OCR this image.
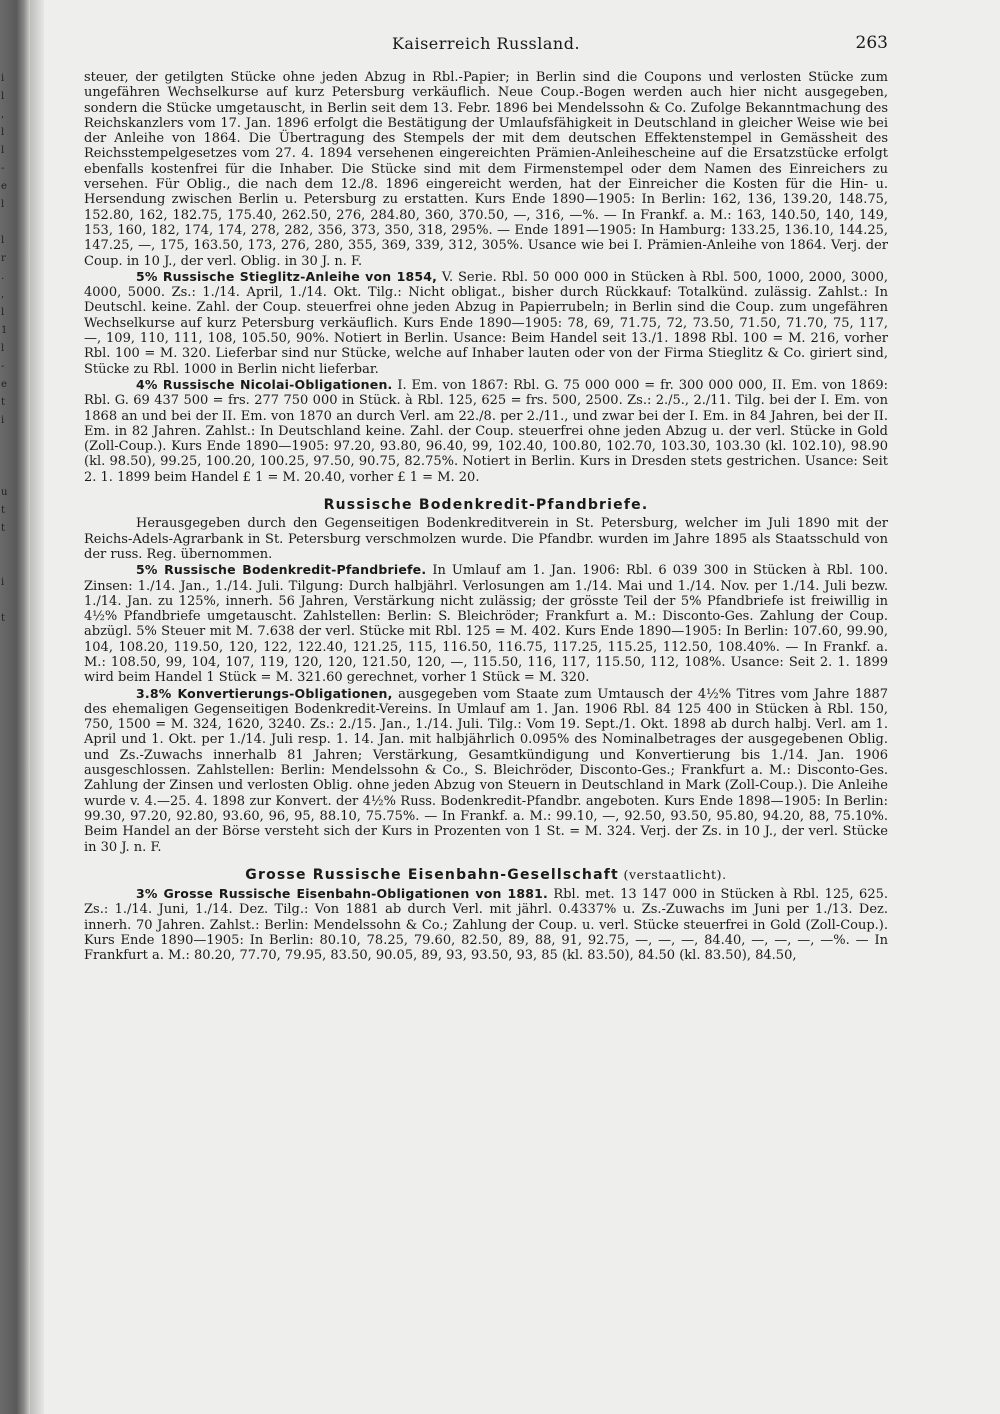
i
l
,
l
l
-
e
l

l
r
.
,
l
1
l
-
e
t
i

u
t
t

i

t
Kaiserreich Russland.	263

steuer, der getilgten Stücke ohne jeden Abzug in Rbl.-Papier; in Berlin sind die Coupons und verlosten Stücke zum ungefähren Wechselkurse auf kurz Petersburg verkäuflich. Neue Coup.-Bogen werden auch hier nicht ausgegeben, sondern die Stücke umgetauscht, in Berlin seit dem 13. Febr. 1896 bei Mendelssohn & Co. Zufolge Bekanntmachung des Reichskanzlers vom 17. Jan. 1896 erfolgt die Bestätigung der Umlaufsfähigkeit in Deutschland in gleicher Weise wie bei der Anleihe von 1864. Die Übertragung des Stempels der mit dem deutschen Effektenstempel in Gemässheit des Reichsstempelgesetzes vom 27. 4. 1894 versehenen eingereichten Prämien-Anleihescheine auf die Ersatzstücke erfolgt ebenfalls kostenfrei für die Inhaber. Die Stücke sind mit dem Firmenstempel oder dem Namen des Einreichers zu versehen. Für Oblig., die nach dem 12./8. 1896 eingereicht werden, hat der Einreicher die Kosten für die Hin- u. Hersendung zwischen Berlin u. Petersburg zu erstatten. Kurs Ende 1890—1905: In Berlin: 162, 136, 139.20, 148.75, 152.80, 162, 182.75, 175.40, 262.50, 276, 284.80, 360, 370.50, —, 316, —%. — In Frankf. a. M.: 163, 140.50, 140, 149, 153, 160, 182, 174, 174, 278, 282, 356, 373, 350, 318, 295%. — Ende 1891—1905: In Hamburg: 133.25, 136.10, 144.25, 147.25, —, 175, 163.50, 173, 276, 280, 355, 369, 339, 312, 305%. Usance wie bei I. Prämien-Anleihe von 1864. Verj. der Coup. in 10 J., der verl. Oblig. in 30 J. n. F.

5% Russische Stieglitz-Anleihe von 1854, V. Serie. Rbl. 50 000 000 in Stücken à Rbl. 500, 1000, 2000, 3000, 4000, 5000. Zs.: 1./14. April, 1./14. Okt. Tilg.: Nicht obligat., bisher durch Rückkauf: Totalkünd. zulässig. Zahlst.: In Deutschl. keine. Zahl. der Coup. steuerfrei ohne jeden Abzug in Papierrubeln; in Berlin sind die Coup. zum ungefähren Wechselkurse auf kurz Petersburg verkäuflich. Kurs Ende 1890—1905: 78, 69, 71.75, 72, 73.50, 71.50, 71.70, 75, 117, —, 109, 110, 111, 108, 105.50, 90%. Notiert in Berlin. Usance: Beim Handel seit 13./1. 1898 Rbl. 100 = M. 216, vorher Rbl. 100 = M. 320. Lieferbar sind nur Stücke, welche auf Inhaber lauten oder von der Firma Stieglitz & Co. giriert sind, Stücke zu Rbl. 1000 in Berlin nicht lieferbar.

4% Russische Nicolai-Obligationen. I. Em. von 1867: Rbl. G. 75 000 000 = fr. 300 000 000, II. Em. von 1869: Rbl. G. 69 437 500 = frs. 277 750 000 in Stück. à Rbl. 125, 625 = frs. 500, 2500. Zs.: 2./5., 2./11. Tilg. bei der I. Em. von 1868 an und bei der II. Em. von 1870 an durch Verl. am 22./8. per 2./11., und zwar bei der I. Em. in 84 Jahren, bei der II. Em. in 82 Jahren. Zahlst.: In Deutschland keine. Zahl. der Coup. steuerfrei ohne jeden Abzug u. der verl. Stücke in Gold (Zoll-Coup.). Kurs Ende 1890—1905: 97.20, 93.80, 96.40, 99, 102.40, 100.80, 102.70, 103.30, 103.30 (kl. 102.10), 98.90 (kl. 98.50), 99.25, 100.20, 100.25, 97.50, 90.75, 82.75%. Notiert in Berlin. Kurs in Dresden stets gestrichen. Usance: Seit 2. 1. 1899 beim Handel £ 1 = M. 20.40, vorher £ 1 = M. 20.

Russische Bodenkredit-Pfandbriefe.

Herausgegeben durch den Gegenseitigen Bodenkreditverein in St. Petersburg, welcher im Juli 1890 mit der Reichs-Adels-Agrarbank in St. Petersburg verschmolzen wurde. Die Pfandbr. wurden im Jahre 1895 als Staatsschuld von der russ. Reg. übernommen.

5% Russische Bodenkredit-Pfandbriefe. In Umlauf am 1. Jan. 1906: Rbl. 6 039 300 in Stücken à Rbl. 100. Zinsen: 1./14. Jan., 1./14. Juli. Tilgung: Durch halbjährl. Verlosungen am 1./14. Mai und 1./14. Nov. per 1./14. Juli bezw. 1./14. Jan. zu 125%, innerh. 56 Jahren, Verstärkung nicht zulässig; der grösste Teil der 5% Pfandbriefe ist freiwillig in 4½% Pfandbriefe umgetauscht. Zahlstellen: Berlin: S. Bleichröder; Frankfurt a. M.: Disconto-Ges. Zahlung der Coup. abzügl. 5% Steuer mit M. 7.638 der verl. Stücke mit Rbl. 125 = M. 402. Kurs Ende 1890—1905: In Berlin: 107.60, 99.90, 104, 108.20, 119.50, 120, 122, 122.40, 121.25, 115, 116.50, 116.75, 117.25, 115.25, 112.50, 108.40%. — In Frankf. a. M.: 108.50, 99, 104, 107, 119, 120, 120, 121.50, 120, —, 115.50, 116, 117, 115.50, 112, 108%. Usance: Seit 2. 1. 1899 wird beim Handel 1 Stück = M. 321.60 gerechnet, vorher 1 Stück = M. 320.

3.8% Konvertierungs-Obligationen, ausgegeben vom Staate zum Umtausch der 4½% Titres vom Jahre 1887 des ehemaligen Gegenseitigen Bodenkredit-Vereins. In Umlauf am 1. Jan. 1906 Rbl. 84 125 400 in Stücken à Rbl. 150, 750, 1500 = M. 324, 1620, 3240. Zs.: 2./15. Jan., 1./14. Juli. Tilg.: Vom 19. Sept./1. Okt. 1898 ab durch halbj. Verl. am 1. April und 1. Okt. per 1./14. Juli resp. 1. 14. Jan. mit halbjährlich 0.095% des Nominalbetrages der ausgegebenen Oblig. und Zs.-Zuwachs innerhalb 81 Jahren; Verstärkung, Gesamtkündigung und Konvertierung bis 1./14. Jan. 1906 ausgeschlossen. Zahlstellen: Berlin: Mendelssohn & Co., S. Bleichröder, Disconto-Ges.; Frankfurt a. M.: Disconto-Ges. Zahlung der Zinsen und verlosten Oblig. ohne jeden Abzug von Steuern in Deutschland in Mark (Zoll-Coup.). Die Anleihe wurde v. 4.—25. 4. 1898 zur Konvert. der 4½% Russ. Bodenkredit-Pfandbr. angeboten. Kurs Ende 1898—1905: In Berlin: 99.30, 97.20, 92.80, 93.60, 96, 95, 88.10, 75.75%. — In Frankf. a. M.: 99.10, —, 92.50, 93.50, 95.80, 94.20, 88, 75.10%. Beim Handel an der Börse versteht sich der Kurs in Prozenten von 1 St. = M. 324. Verj. der Zs. in 10 J., der verl. Stücke in 30 J. n. F.

Grosse Russische Eisenbahn-Gesellschaft (verstaatlicht).

3% Grosse Russische Eisenbahn-Obligationen von 1881. Rbl. met. 13 147 000 in Stücken à Rbl. 125, 625. Zs.: 1./14. Juni, 1./14. Dez. Tilg.: Von 1881 ab durch Verl. mit jährl. 0.4337% u. Zs.-Zuwachs im Juni per 1./13. Dez. innerh. 70 Jahren. Zahlst.: Berlin: Mendelssohn & Co.; Zahlung der Coup. u. verl. Stücke steuerfrei in Gold (Zoll-Coup.). Kurs Ende 1890—1905: In Berlin: 80.10, 78.25, 79.60, 82.50, 89, 88, 91, 92.75, —, —, —, 84.40, —, —, —, —%. — In Frankfurt a. M.: 80.20, 77.70, 79.95, 83.50, 90.05, 89, 93, 93.50, 93, 85 (kl. 83.50), 84.50 (kl. 83.50), 84.50,
